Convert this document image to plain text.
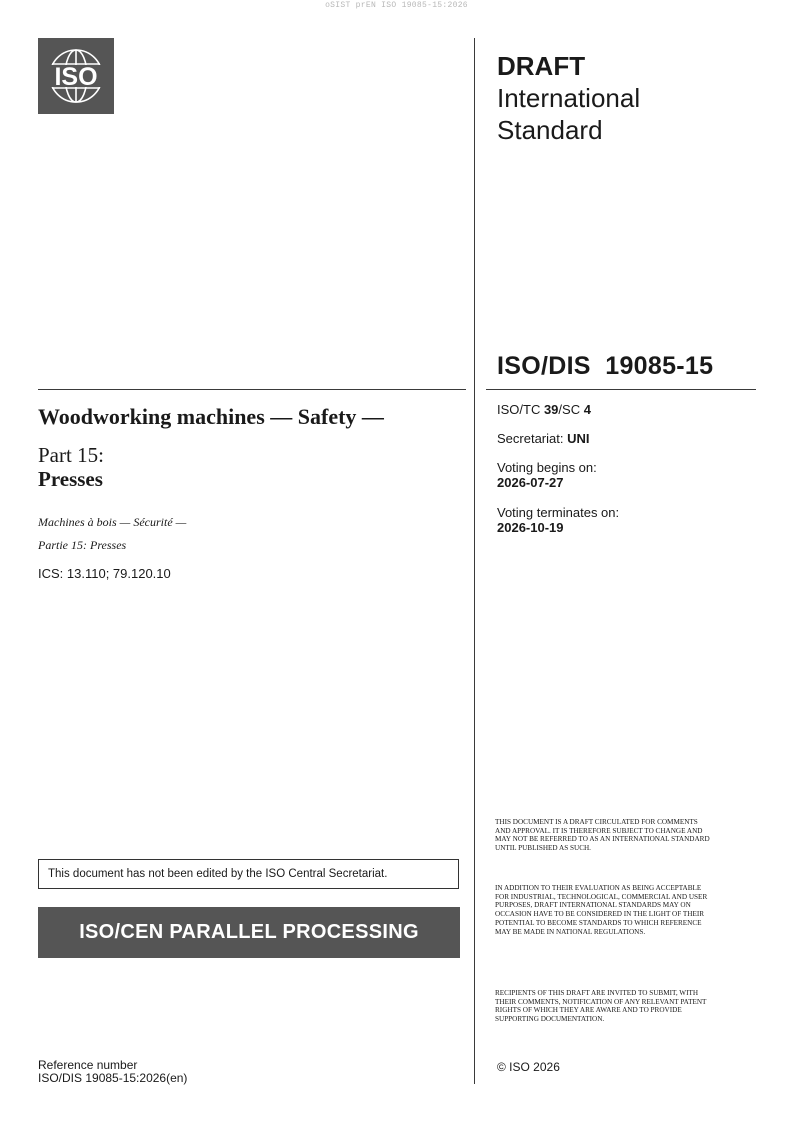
oSIST prEN ISO 19085-15:2026
ISO	DRAFT
International
Standard
ISO/DIS  19085-15
Woodworking machines — Safety —
Part 15:
Presses
Machines à bois — Sécurité —
Partie 15: Presses
ICS: 13.110; 79.120.10
ISO/TC 39/SC 4
Secretariat: UNI
Voting begins on:
2026-07-27
Voting terminates on:
2026-10-19
This document has not been edited by the ISO Central Secretariat.
ISO/CEN PARALLEL PROCESSING
Reference number
ISO/DIS 19085-15:2026(en)
THIS DOCUMENT IS A DRAFT CIRCULATED FOR COMMENTS AND APPROVAL. IT IS THEREFORE SUBJECT TO CHANGE AND MAY NOT BE REFERRED TO AS AN INTERNATIONAL STANDARD UNTIL PUBLISHED AS SUCH.
IN ADDITION TO THEIR EVALUATION AS BEING ACCEPTABLE FOR INDUSTRIAL, TECHNOLOGICAL, COMMERCIAL AND USER PURPOSES, DRAFT INTERNATIONAL STANDARDS MAY ON OCCASION HAVE TO BE CONSIDERED IN THE LIGHT OF THEIR POTENTIAL TO BECOME STANDARDS TO WHICH REFERENCE MAY BE MADE IN NATIONAL REGULATIONS.
RECIPIENTS OF THIS DRAFT ARE INVITED TO SUBMIT, WITH THEIR COMMENTS, NOTIFICATION OF ANY RELEVANT PATENT RIGHTS OF WHICH THEY ARE AWARE AND TO PROVIDE SUPPORTING DOCUMENTATION.
© ISO 2026
